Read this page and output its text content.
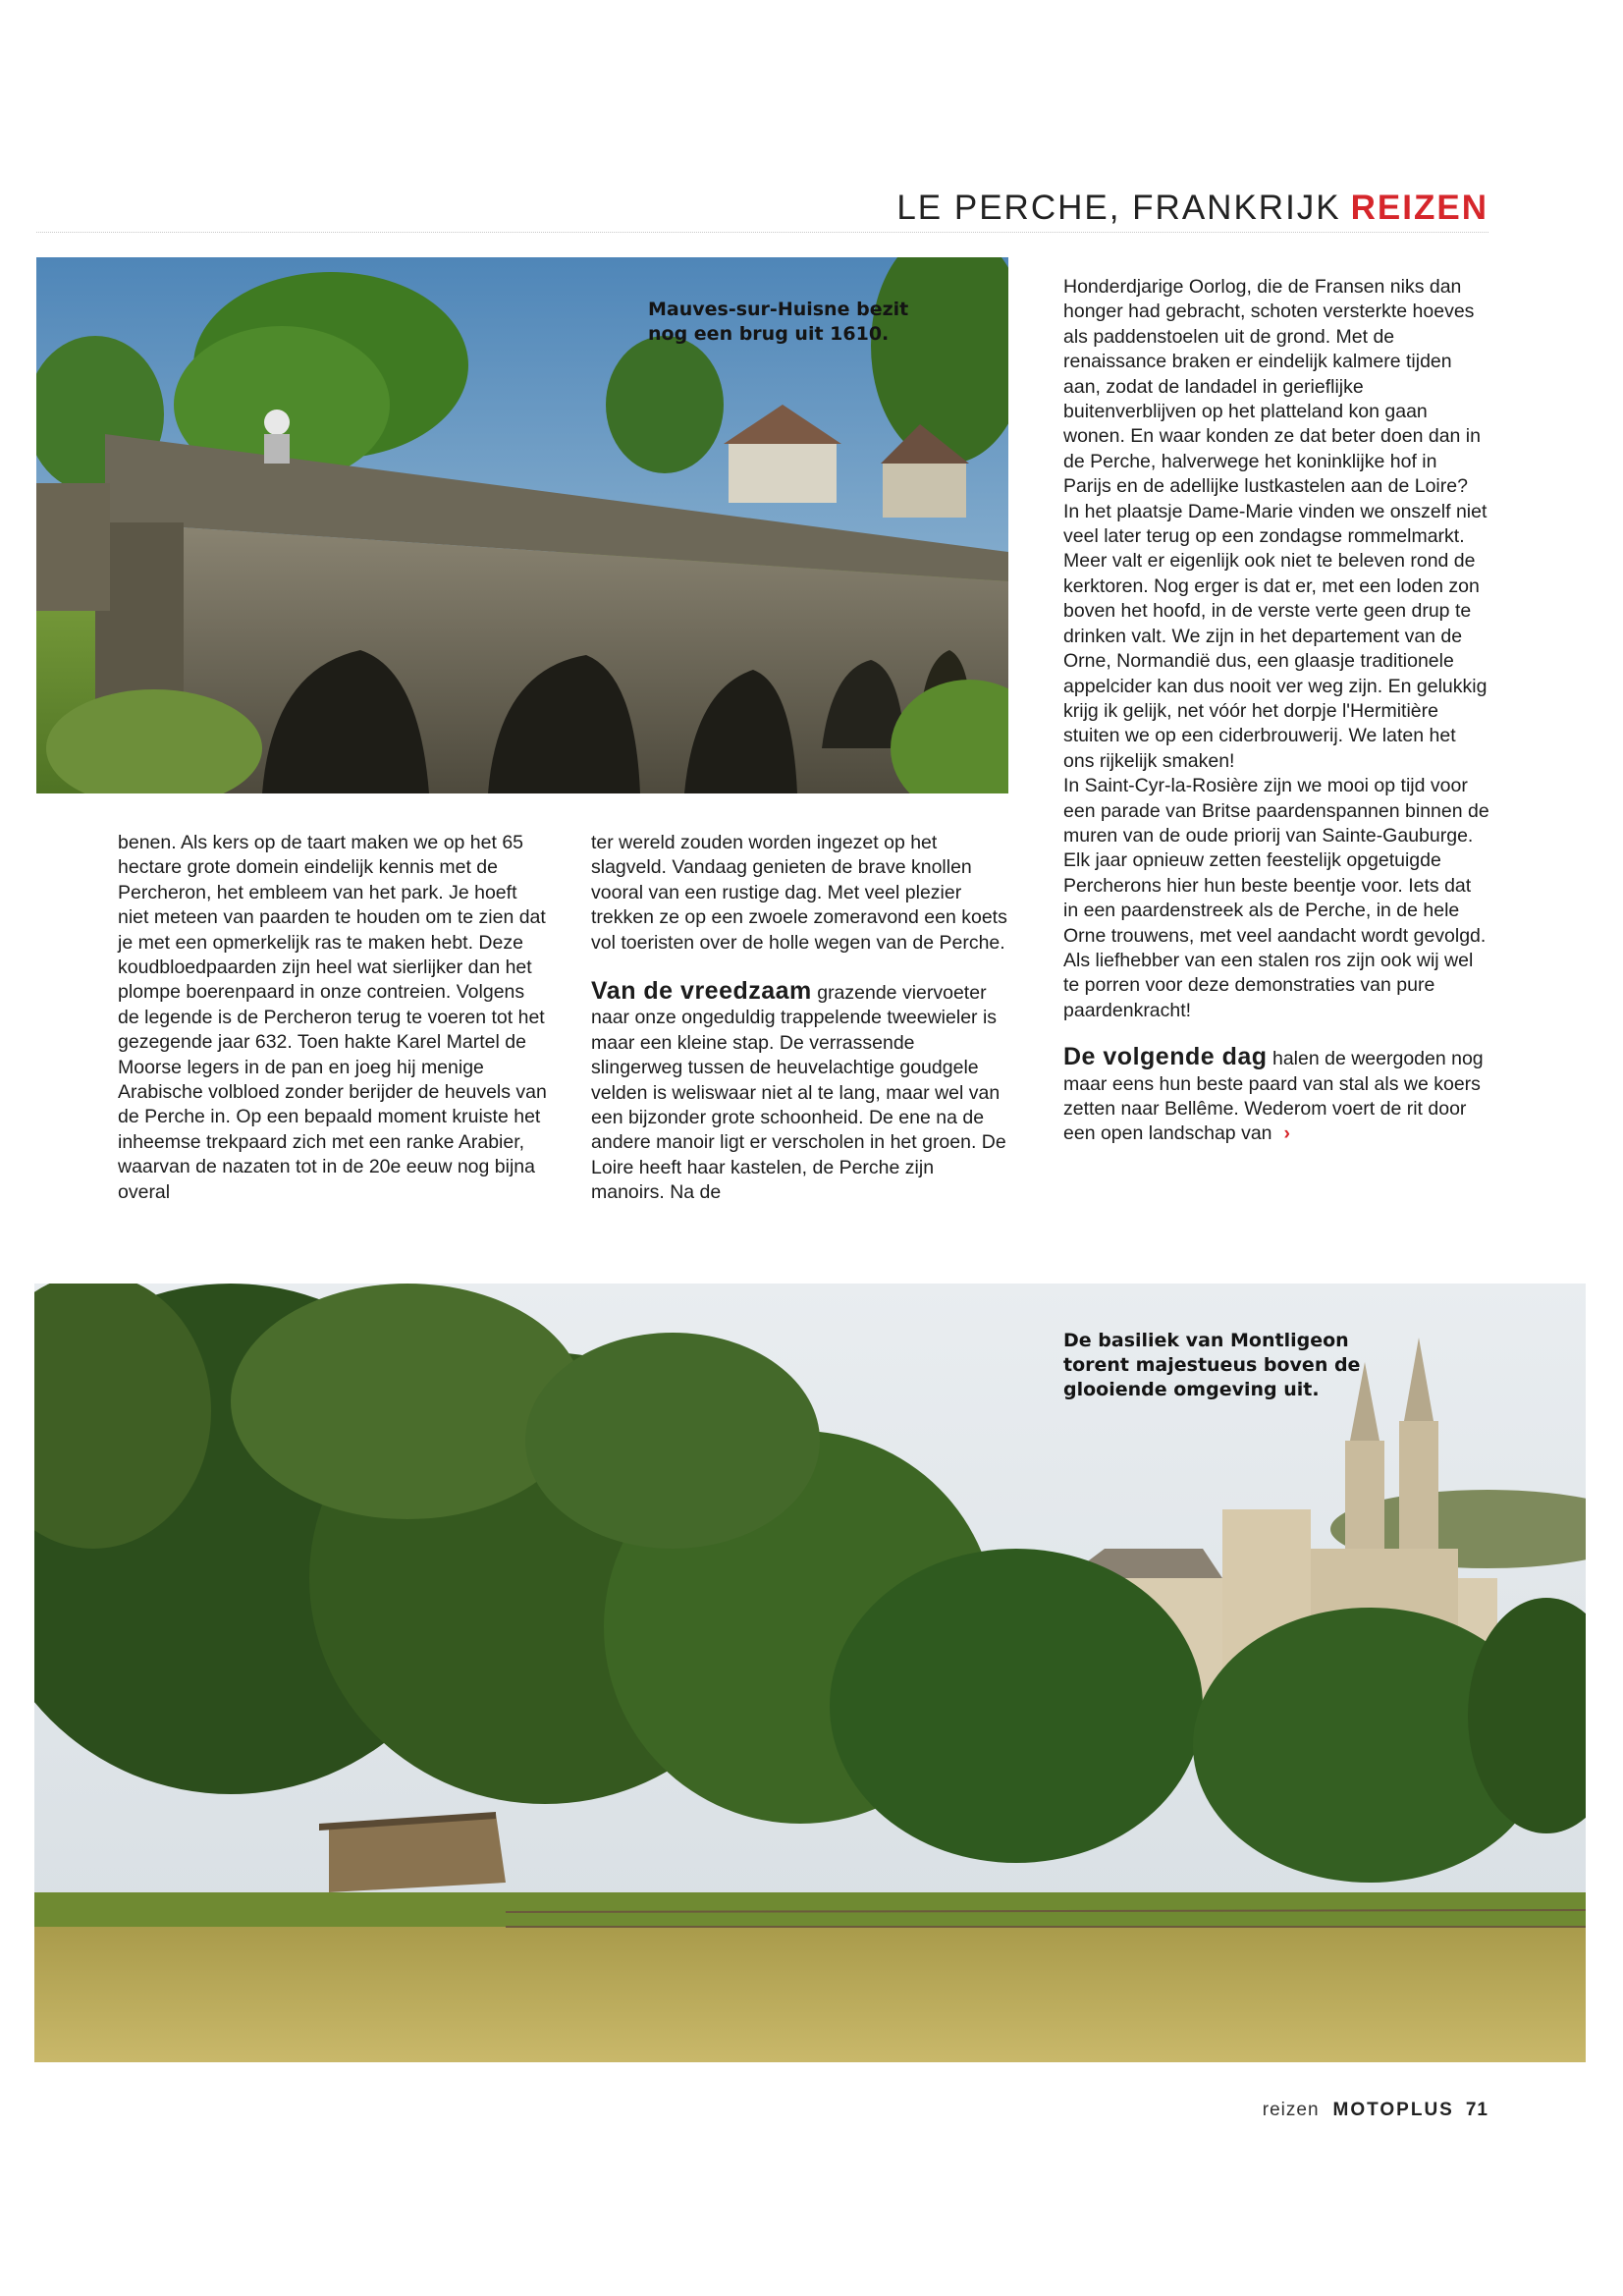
LE PERCHE, FRANKRIJK REIZEN
Mauves-sur-Huisne bezit nog een brug uit 1610.

benen. Als kers op de taart maken we op het 65 hectare grote domein eindelijk kennis met de Percheron, het embleem van het park. Je hoeft niet meteen van paarden te houden om te zien dat je met een opmerkelijk ras te maken hebt. Deze koudbloedpaarden zijn heel wat sierlijker dan het plompe boerenpaard in onze contreien. Volgens de legende is de Percheron terug te voeren tot het gezegende jaar 632. Toen hakte Karel Martel de Moorse legers in de pan en joeg hij menige Arabische volbloed zonder berijder de heuvels van de Perche in. Op een bepaald moment kruiste het inheemse trekpaard zich met een ranke Arabier, waarvan de nazaten tot in de 20e eeuw nog bijna overal

ter wereld zouden worden ingezet op het slagveld. Vandaag genieten de brave knollen vooral van een rustige dag. Met veel plezier trekken ze op een zwoele zomeravond een koets vol toeristen over de holle wegen van de Perche.

Van de vreedzaam grazende viervoeter naar onze ongeduldig trappelende tweewieler is maar een kleine stap. De verrassende slingerweg tussen de heuvelachtige goudgele velden is weliswaar niet al te lang, maar wel van een bijzonder grote schoonheid. De ene na de andere manoir ligt er verscholen in het groen. De Loire heeft haar kastelen, de Perche zijn manoirs. Na de

Honderdjarige Oorlog, die de Fransen niks dan honger had gebracht, schoten versterkte hoeves als paddenstoelen uit de grond. Met de renaissance braken er eindelijk kalmere tijden aan, zodat de landadel in gerieflijke buitenverblijven op het platteland kon gaan wonen. En waar konden ze dat beter doen dan in de Perche, halverwege het koninklijke hof in Parijs en de adellijke lustkastelen aan de Loire?

In het plaatsje Dame-Marie vinden we onszelf niet veel later terug op een zondagse rommelmarkt. Meer valt er eigenlijk ook niet te beleven rond de kerktoren. Nog erger is dat er, met een loden zon boven het hoofd, in de verste verte geen drup te drinken valt. We zijn in het departement van de Orne, Normandië dus, een glaasje traditionele appelcider kan dus nooit ver weg zijn. En gelukkig krijg ik gelijk, net vóór het dorpje l'Hermitière stuiten we op een ciderbrouwerij. We laten het ons rijkelijk smaken!

In Saint-Cyr-la-Rosière zijn we mooi op tijd voor een parade van Britse paardenspannen binnen de muren van de oude priorij van Sainte-Gauburge. Elk jaar opnieuw zetten feestelijk opgetuigde Percherons hier hun beste beentje voor. Iets dat in een paardenstreek als de Perche, in de hele Orne trouwens, met veel aandacht wordt gevolgd. Als liefhebber van een stalen ros zijn ook wij wel te porren voor deze demonstraties van pure paardenkracht!

De volgende dag halen de weergoden nog maar eens hun beste paard van stal als we koers zetten naar Bellême. Wederom voert de rit door een open landschap van ›

De basiliek van Montligeon torent majestueus boven de glooiende omgeving uit.
reizen MOTOPLUS 71
